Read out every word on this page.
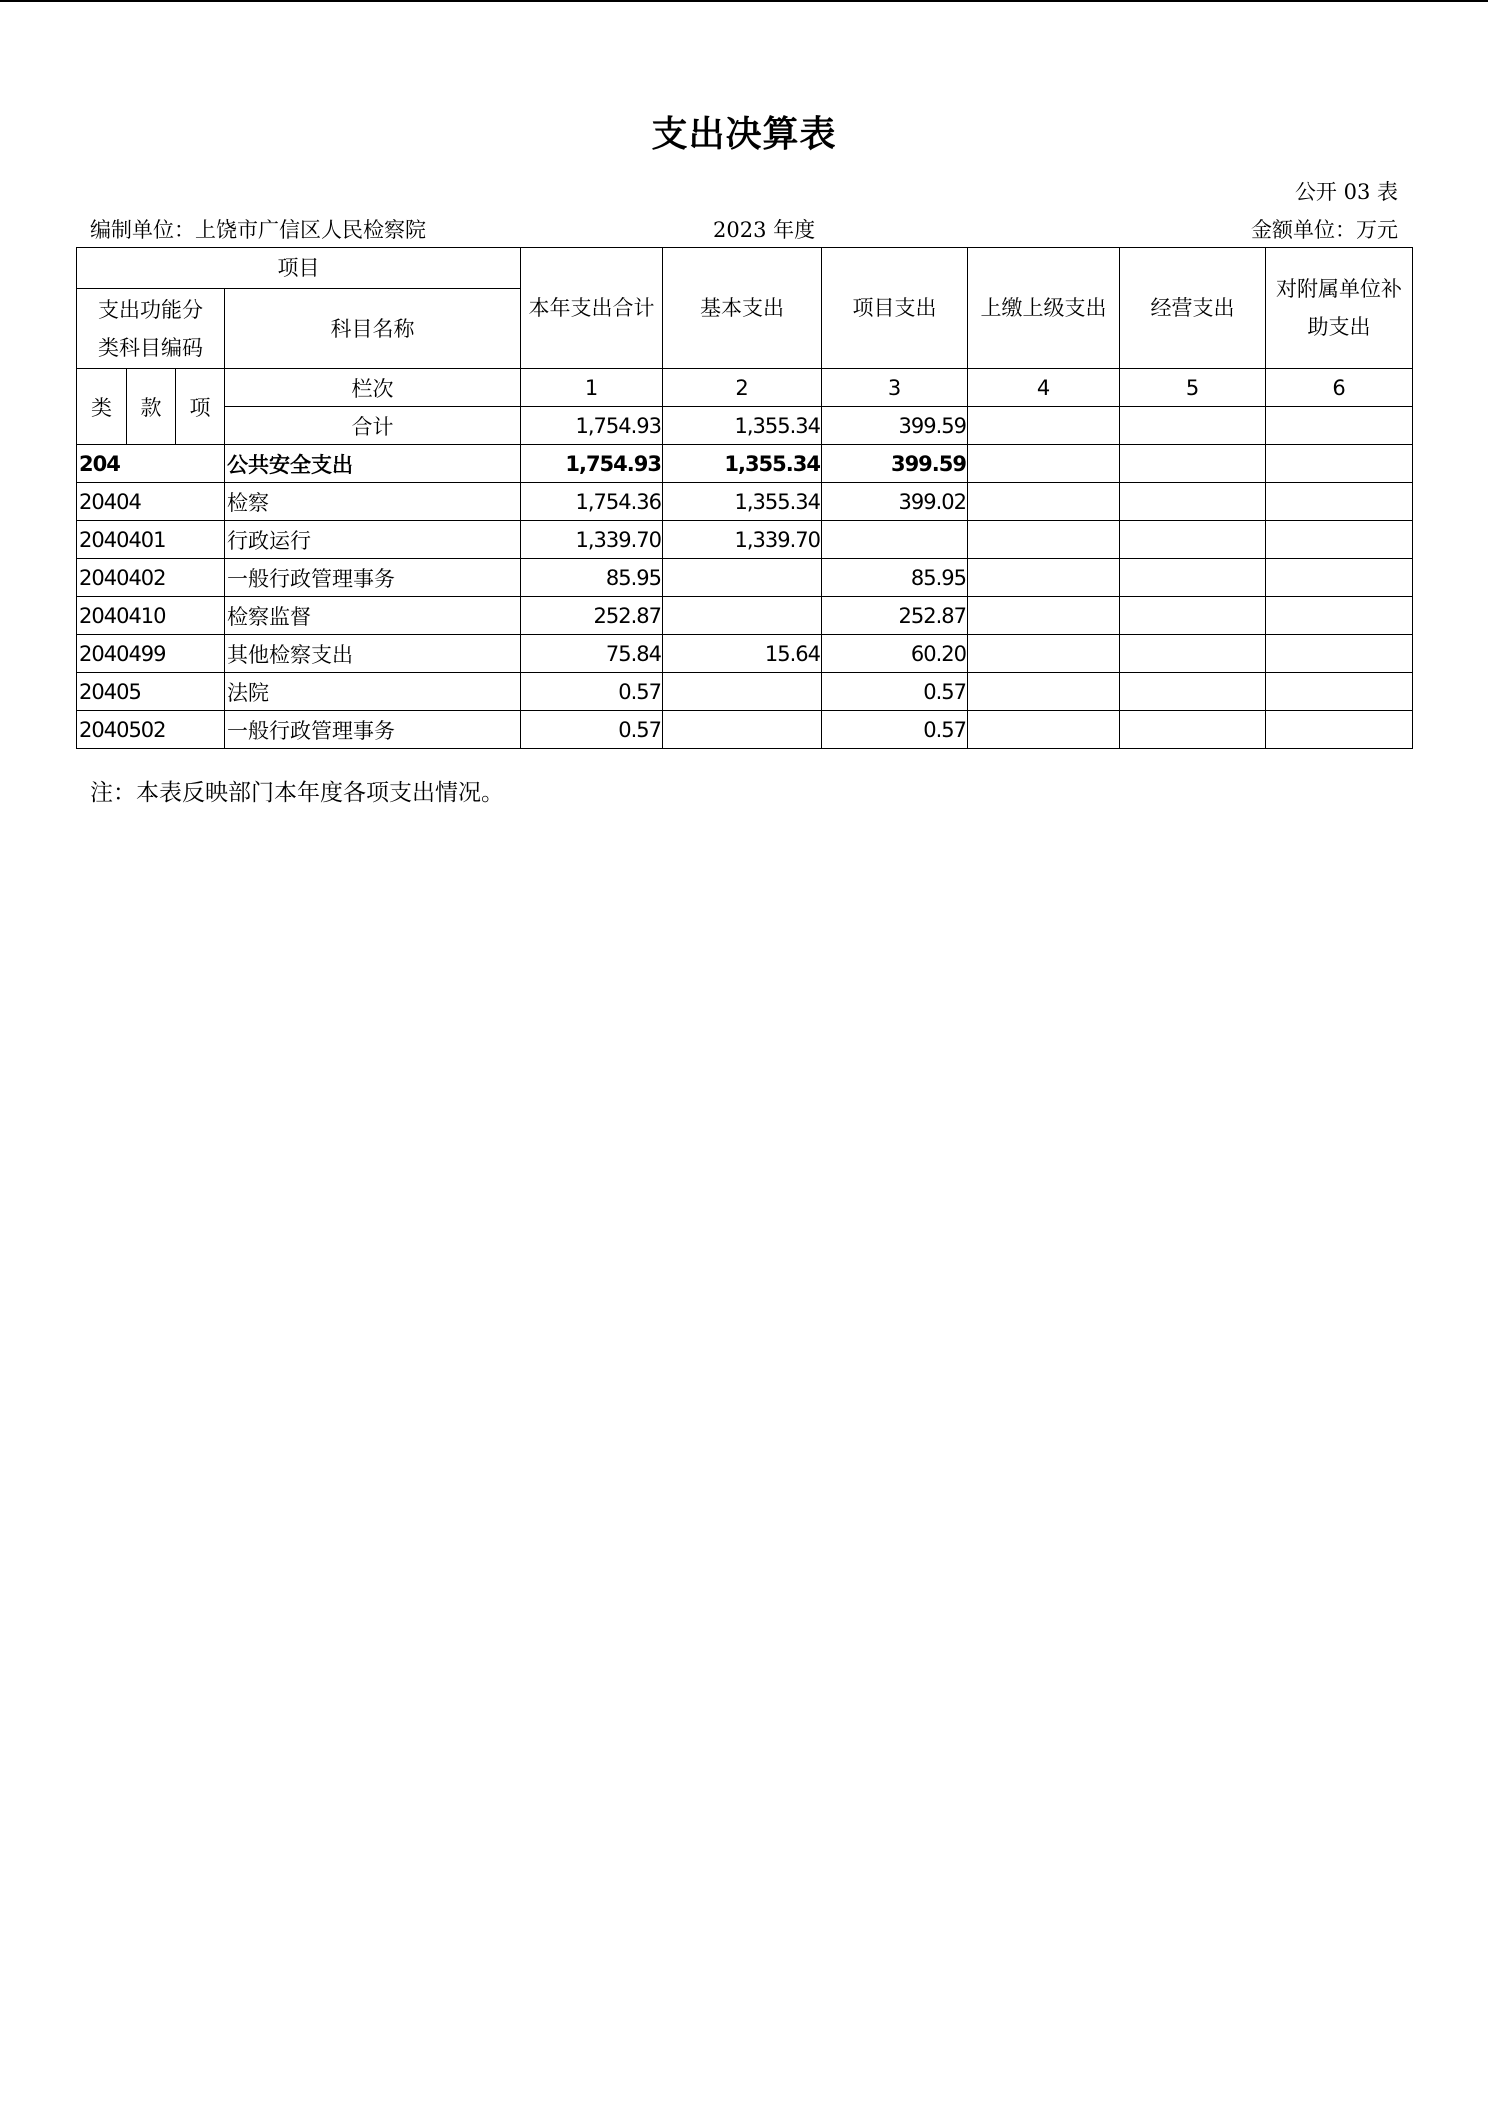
支出决算表
公开 03 表
编制单位：上饶市广信区人民检察院	2023 年度	金额单位：万元
项目				本年支出合计	基本支出	项目支出	上缴上级支出	经营支出	对附属单位补助支出
支出功能分类科目编码			科目名称						
类	款	项	栏次	1	2	3	4	5	6
			合计	1,754.93	1,355.34	399.59			
204			公共安全支出	1,754.93	1,355.34	399.59			
20404			检察	1,754.36	1,355.34	399.02			
2040401			行政运行	1,339.70	1,339.70				
2040402			一般行政管理事务	85.95		85.95			
2040410			检察监督	252.87		252.87			
2040499			其他检察支出	75.84	15.64	60.20			
20405			法院	0.57		0.57			
2040502			一般行政管理事务	0.57		0.57			
注：本表反映部门本年度各项支出情况。
